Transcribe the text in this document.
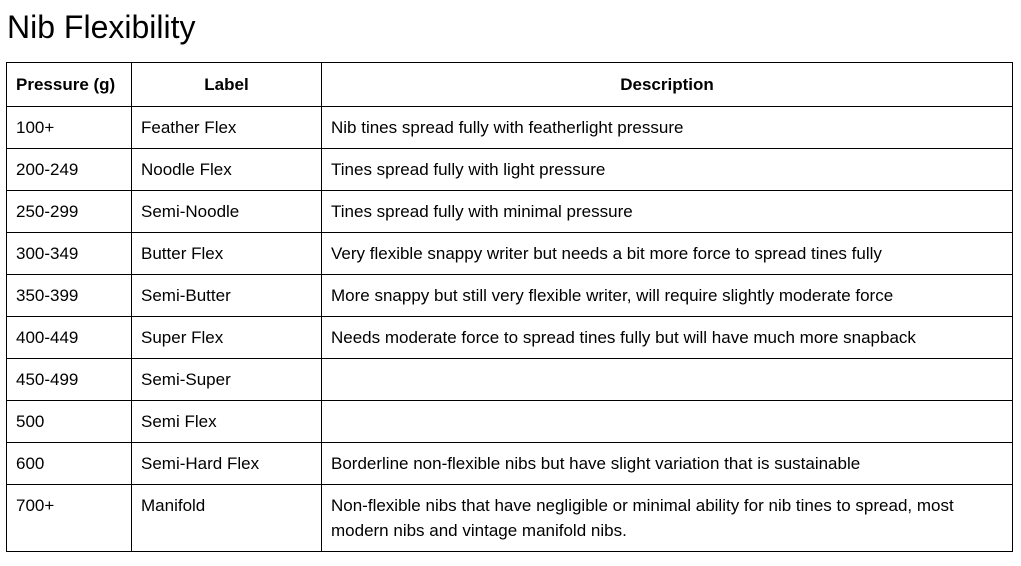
Nib Flexibility
Pressure (g)	Label	Description
100+	Feather Flex	Nib tines spread fully with featherlight pressure
200-249	Noodle Flex	Tines spread fully with light pressure
250-299	Semi-Noodle	Tines spread fully with minimal pressure
300-349	Butter Flex	Very flexible snappy writer but needs a bit more force to spread tines fully
350-399	Semi-Butter	More snappy but still very flexible writer, will require slightly moderate force
400-449	Super Flex	Needs moderate force to spread tines fully but will have much more snapback
450-499	Semi-Super	
500	Semi Flex	
600	Semi-Hard Flex	Borderline non-flexible nibs but have slight variation that is sustainable
700+	Manifold	Non-flexible nibs that have negligible or minimal ability for nib tines to spread, most modern nibs and vintage manifold nibs.
